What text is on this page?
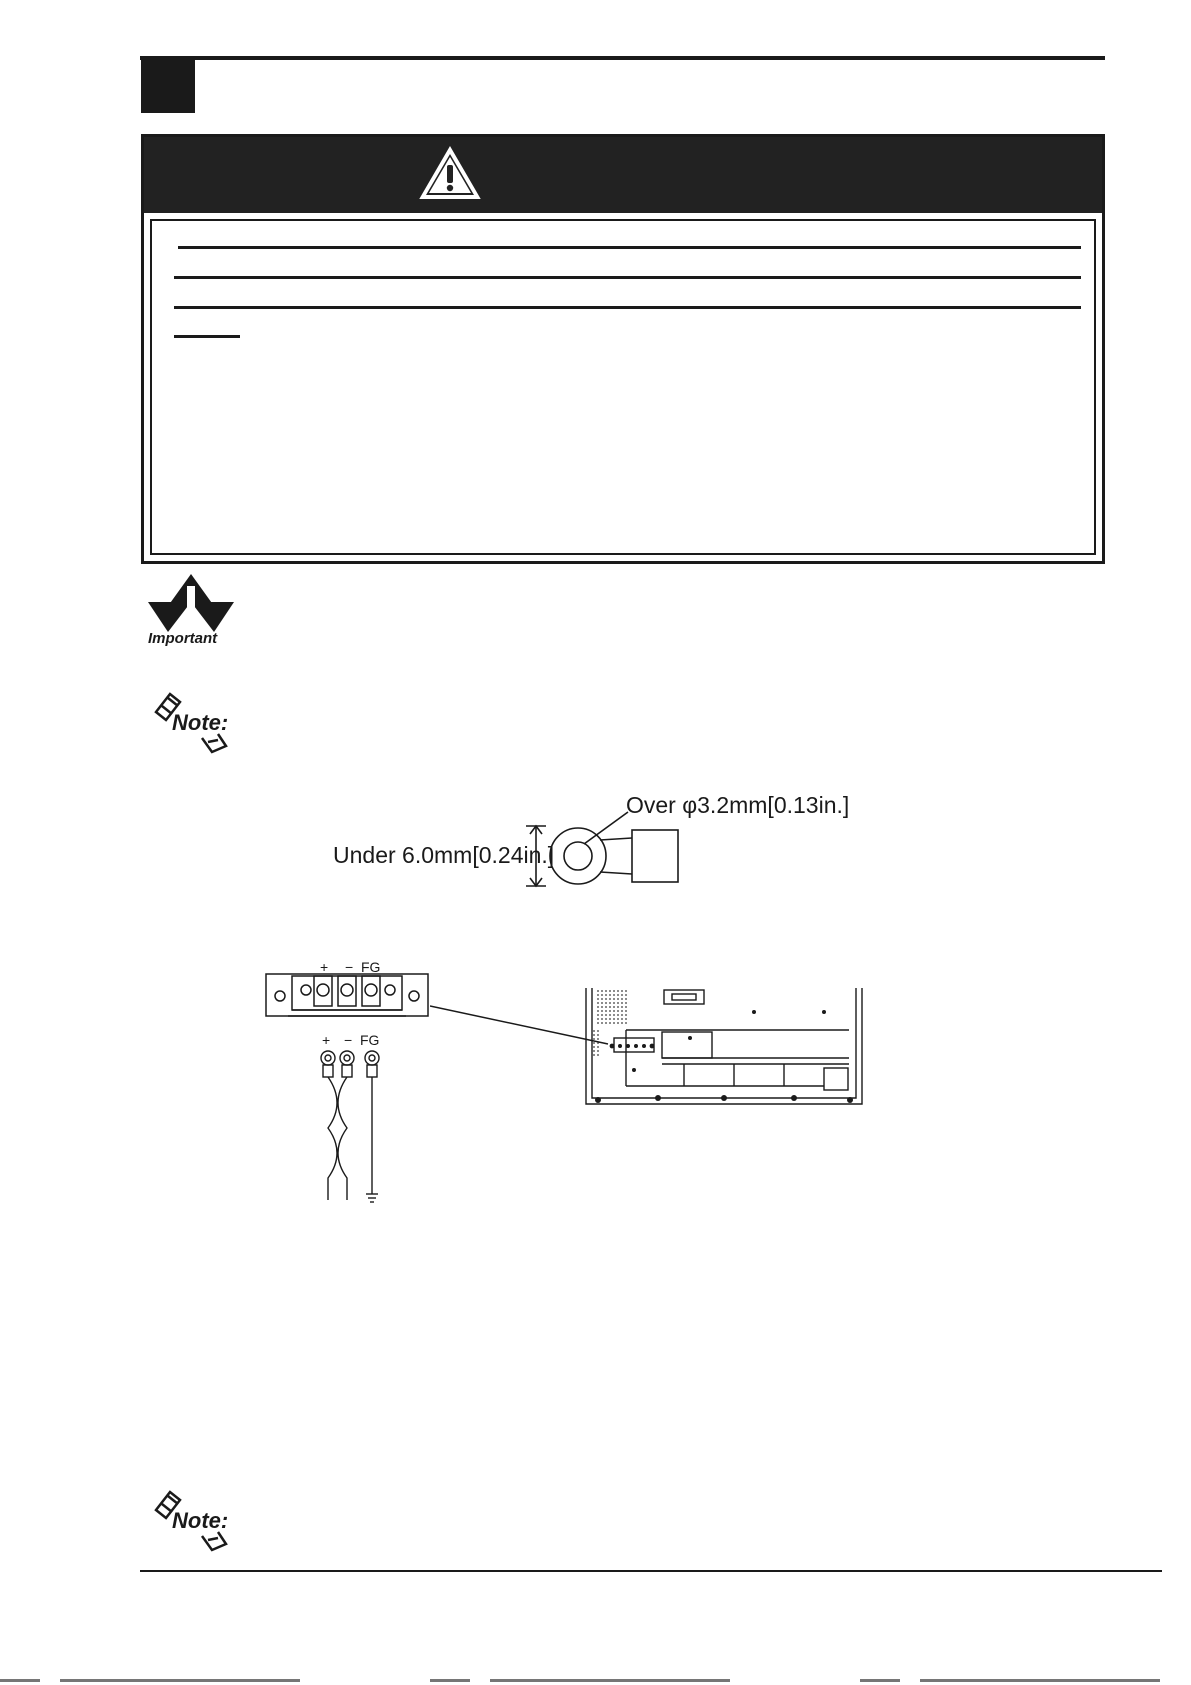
Important
Note:
Over φ3.2mm[0.13in.]
Under 6.0mm[0.24in.]
+ − FG
+ − FG
Note:
